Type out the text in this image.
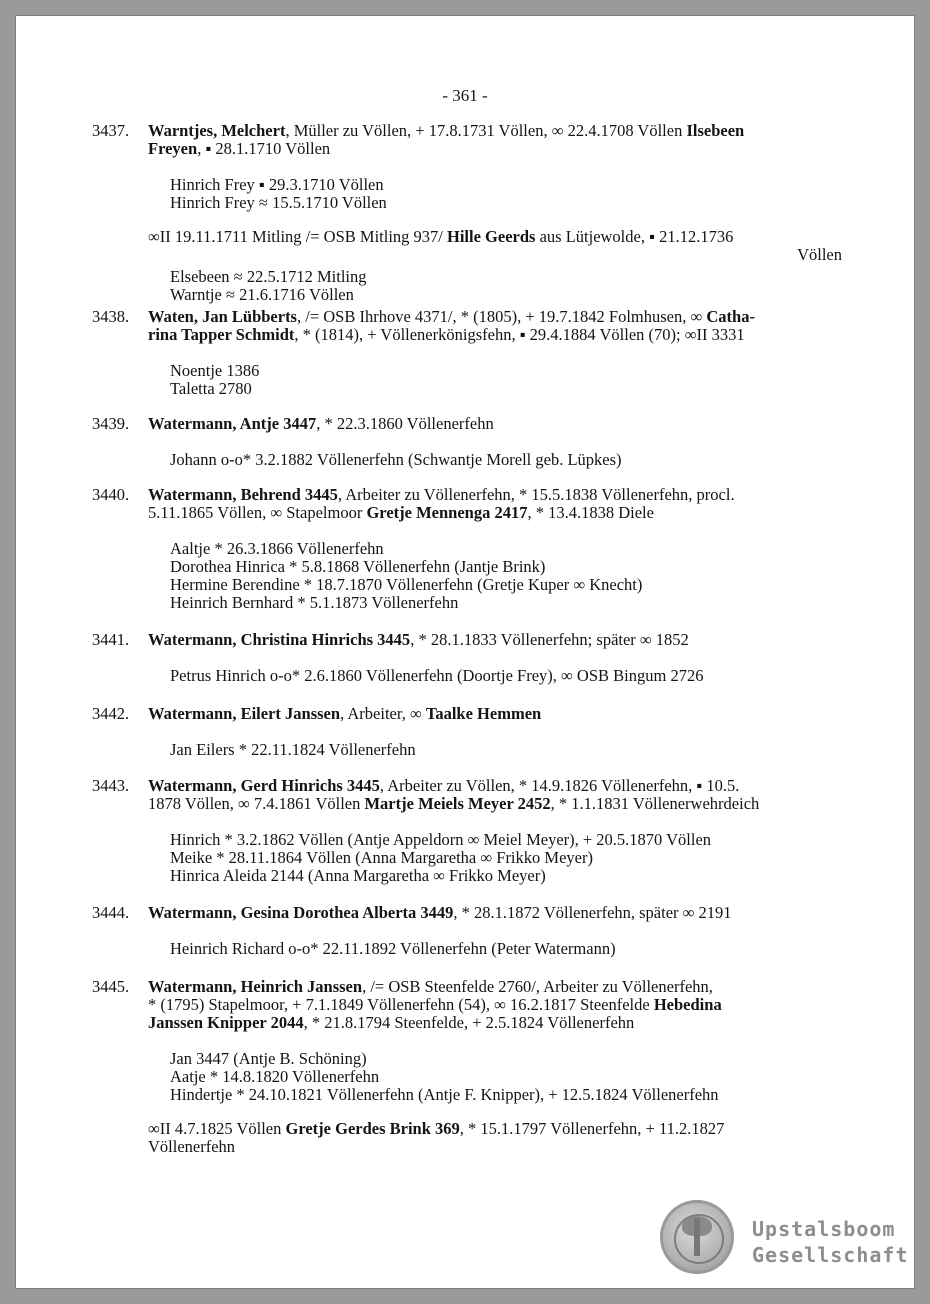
- 361 -
3437.	Warntjes, Melchert, Müller zu Völlen, + 17.8.1731 Völlen, ∞ 22.4.1708 Völlen Ilsebeen
Freyen, ▪ 28.1.1710 Völlen
Hinrich Frey ▪ 29.3.1710 Völlen
Hinrich Frey ≈ 15.5.1710 Völlen
∞II 19.11.1711 Mitling /= OSB Mitling 937/ Hille Geerds aus Lütjewolde, ▪ 21.12.1736
Völlen
Elsebeen ≈ 22.5.1712 Mitling
Warntje ≈ 21.6.1716 Völlen
3438.	Waten, Jan Lübberts, /= OSB Ihrhove 4371/, * (1805), + 19.7.1842 Folmhusen, ∞ Catha-
rina Tapper Schmidt, * (1814), + Völlenerkönigsfehn, ▪ 29.4.1884 Völlen (70); ∞II 3331
Noentje 1386
Taletta 2780
3439.	Watermann, Antje 3447, * 22.3.1860 Völlenerfehn
Johann o-o* 3.2.1882 Völlenerfehn (Schwantje Morell geb. Lüpkes)
3440.	Watermann, Behrend 3445, Arbeiter zu Völlenerfehn, * 15.5.1838 Völlenerfehn, procl.
5.11.1865 Völlen, ∞ Stapelmoor Gretje Mennenga 2417, * 13.4.1838 Diele
Aaltje * 26.3.1866 Völlenerfehn
Dorothea Hinrica * 5.8.1868 Völlenerfehn (Jantje Brink)
Hermine Berendine * 18.7.1870 Völlenerfehn (Gretje Kuper ∞ Knecht)
Heinrich Bernhard * 5.1.1873 Völlenerfehn
3441.	Watermann, Christina Hinrichs 3445, * 28.1.1833 Völlenerfehn; später ∞ 1852
Petrus Hinrich o-o* 2.6.1860 Völlenerfehn (Doortje Frey), ∞ OSB Bingum 2726
3442.	Watermann, Eilert Janssen, Arbeiter, ∞ Taalke Hemmen
Jan Eilers * 22.11.1824 Völlenerfehn
3443.	Watermann, Gerd Hinrichs 3445, Arbeiter zu Völlen, * 14.9.1826 Völlenerfehn, ▪ 10.5.
1878 Völlen, ∞ 7.4.1861 Völlen Martje Meiels Meyer 2452, * 1.1.1831 Völlenerwehrdeich
Hinrich * 3.2.1862 Völlen (Antje Appeldorn ∞ Meiel Meyer), + 20.5.1870 Völlen
Meike * 28.11.1864 Völlen (Anna Margaretha ∞ Frikko Meyer)
Hinrica Aleida 2144 (Anna Margaretha ∞ Frikko Meyer)
3444.	Watermann, Gesina Dorothea Alberta 3449, * 28.1.1872 Völlenerfehn, später ∞ 2191
Heinrich Richard o-o* 22.11.1892 Völlenerfehn (Peter Watermann)
3445.	Watermann, Heinrich Janssen, /= OSB Steenfelde 2760/, Arbeiter zu Völlenerfehn,
* (1795) Stapelmoor, + 7.1.1849 Völlenerfehn (54), ∞ 16.2.1817 Steenfelde Hebedina
Janssen Knipper 2044, * 21.8.1794 Steenfelde, + 2.5.1824 Völlenerfehn
Jan 3447 (Antje B. Schöning)
Aatje * 14.8.1820 Völlenerfehn
Hindertje * 24.10.1821 Völlenerfehn (Antje F. Knipper), + 12.5.1824 Völlenerfehn
∞II 4.7.1825 Völlen Gretje Gerdes Brink 369, * 15.1.1797 Völlenerfehn, + 11.2.1827
Völlenerfehn
Upstalsboom
Gesellschaft
